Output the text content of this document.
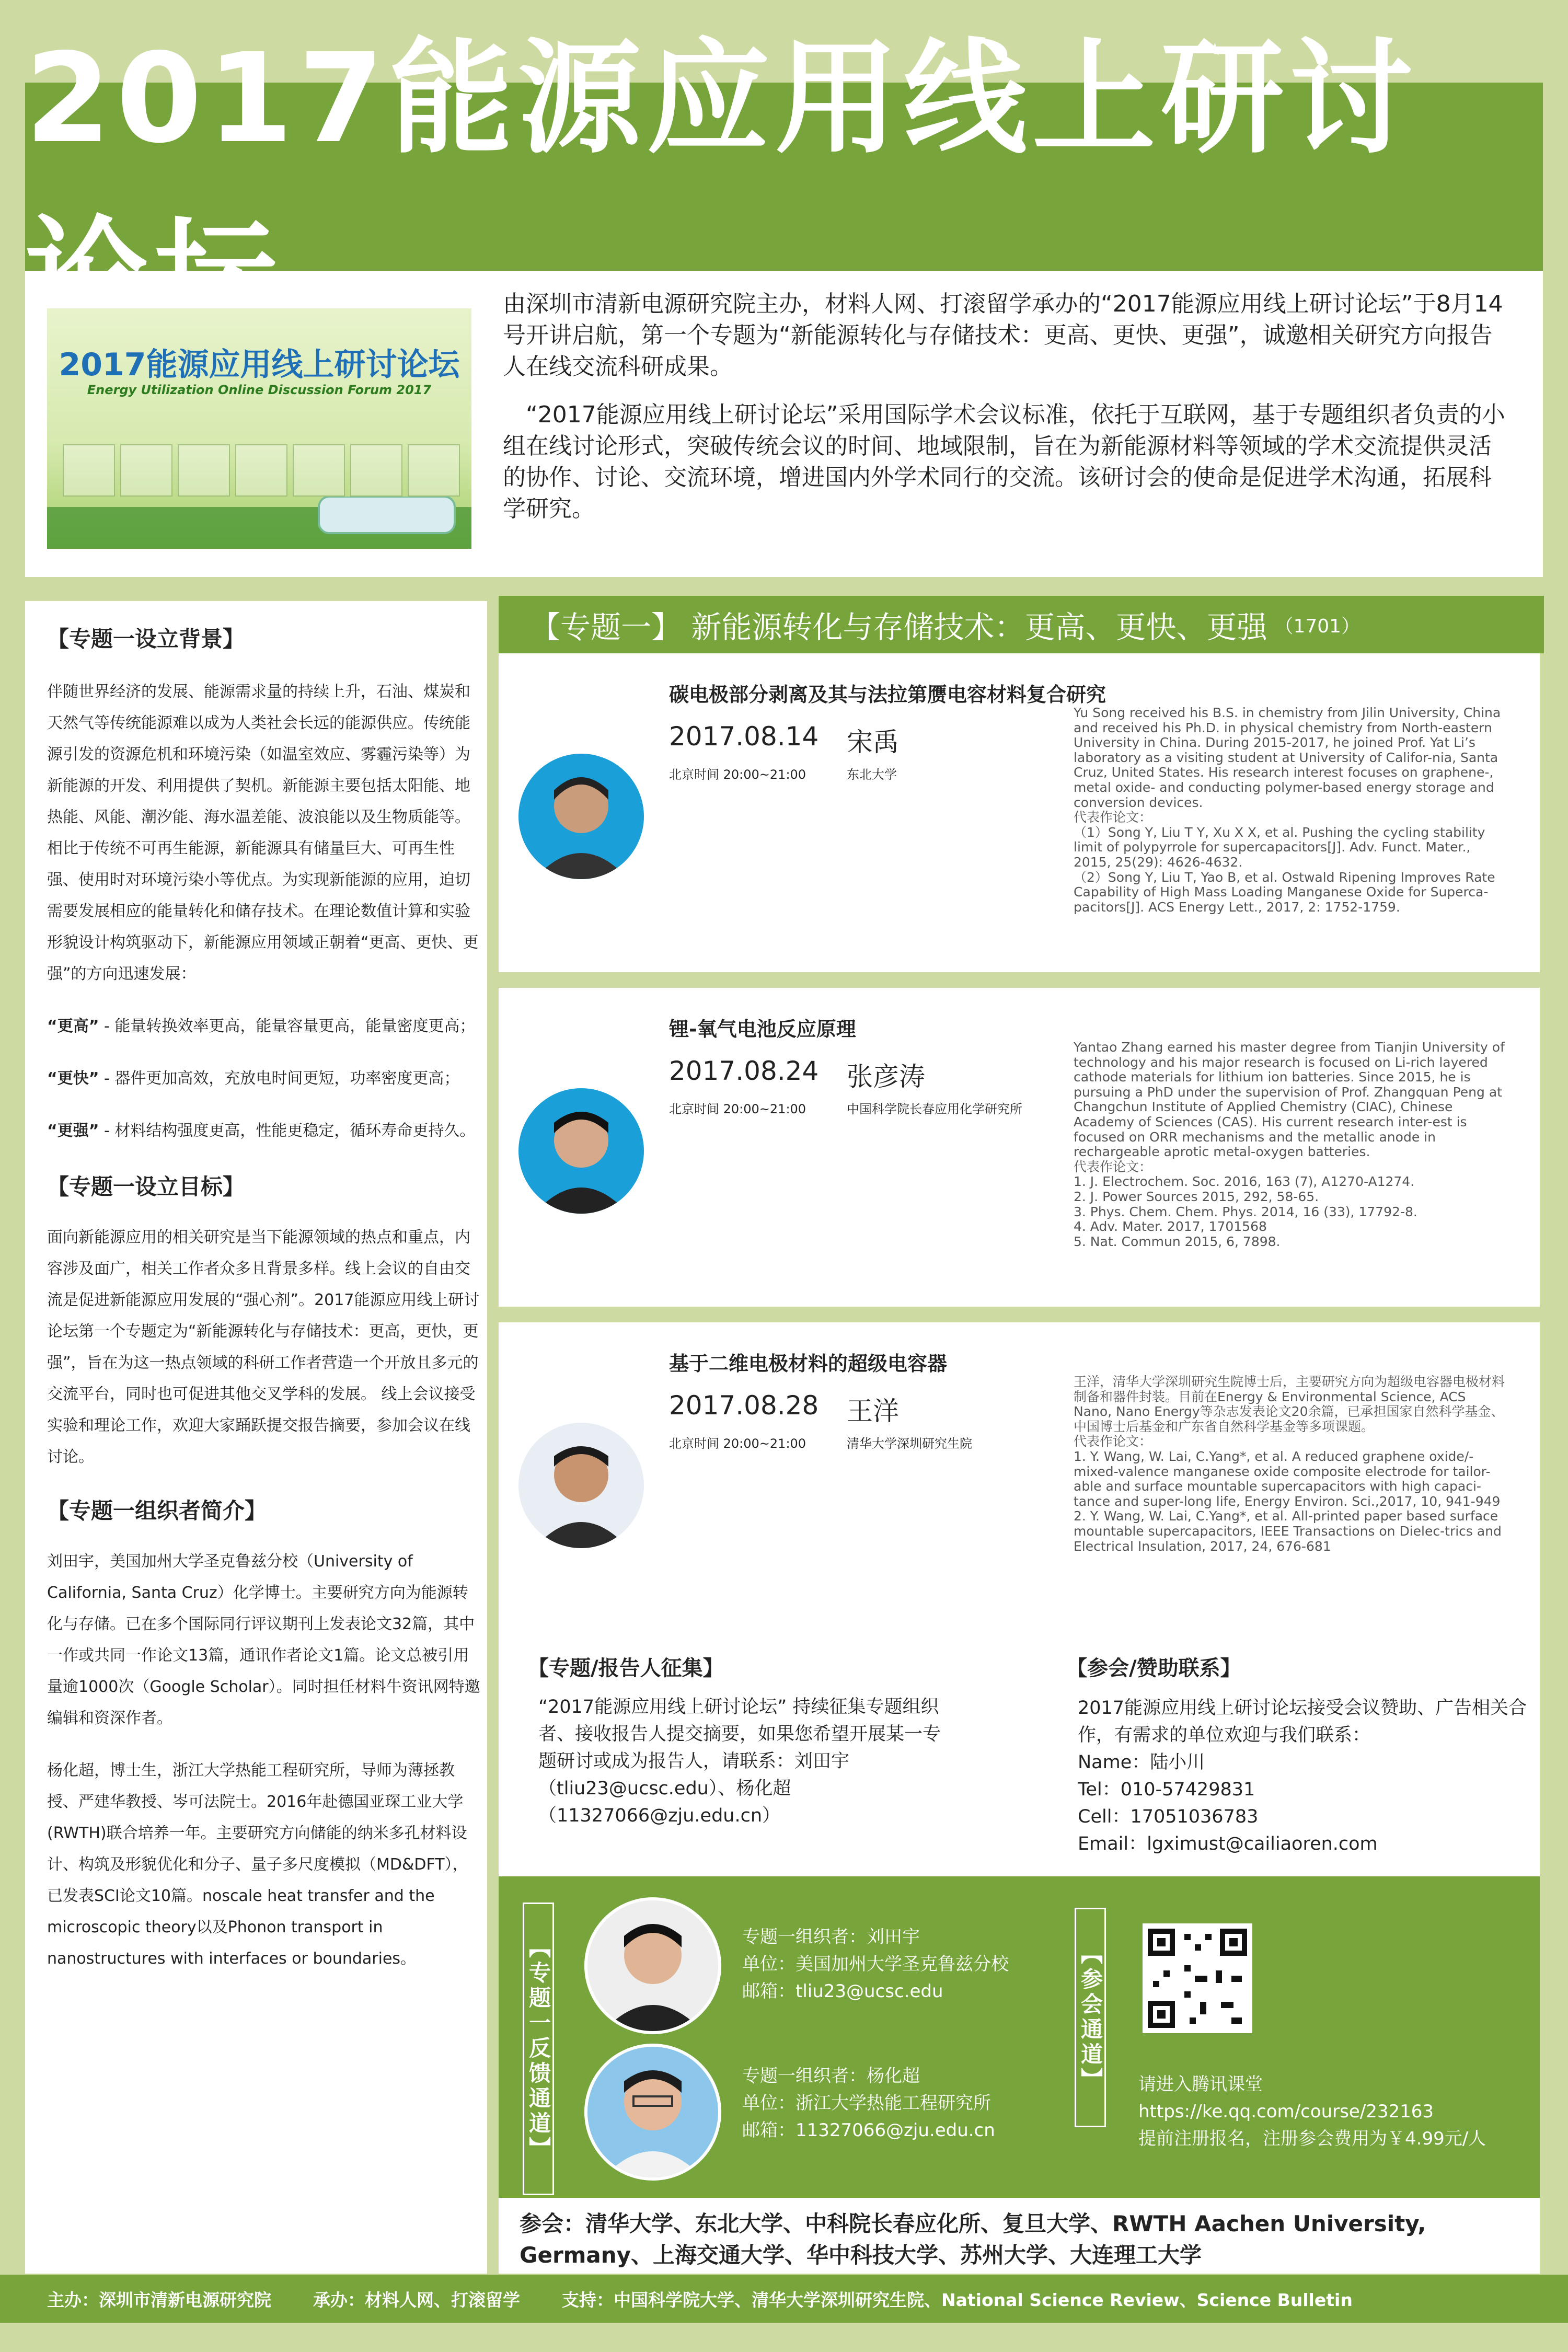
2017能源应用线上研讨
2017能源应用线上研讨论坛
Energy Utilization Online Discussion Forum 2017

由深圳市清新电源研究院主办，材料人网、打滚留学承办的“2017能源应用线上研讨论坛”于8月14号开讲启航，第一个专题为“新能源转化与存储技术：更高、更快、更强”，诚邀相关研究方向报告人在线交流科研成果。

“2017能源应用线上研讨论坛”采用国际学术会议标准，依托于互联网，基于专题组织者负责的小组在线讨论形式，突破传统会议的时间、地域限制，旨在为新能源材料等领域的学术交流提供灵活的协作、讨论、交流环境，增进国内外学术同行的交流。该研讨会的使命是促进学术沟通，拓展科学研究。

【专题一设立背景】

伴随世界经济的发展、能源需求量的持续上升，石油、煤炭和天然气等传统能源难以成为人类社会长远的能源供应。传统能源引发的资源危机和环境污染（如温室效应、雾霾污染等）为新能源的开发、利用提供了契机。新能源主要包括太阳能、地热能、风能、潮汐能、海水温差能、波浪能以及生物质能等。相比于传统不可再生能源，新能源具有储量巨大、可再生性强、使用时对环境污染小等优点。为实现新能源的应用，迫切需要发展相应的能量转化和储存技术。在理论数值计算和实验形貌设计构筑驱动下，新能源应用领域正朝着“更高、更快、更强”的方向迅速发展：

“更高” - 能量转换效率更高，能量容量更高，能量密度更高；

“更快” - 器件更加高效，充放电时间更短，功率密度更高；

“更强” - 材料结构强度更高，性能更稳定，循环寿命更持久。

【专题一设立目标】

面向新能源应用的相关研究是当下能源领域的热点和重点，内容涉及面广，相关工作者众多且背景多样。线上会议的自由交流是促进新能源应用发展的“强心剂”。2017能源应用线上研讨论坛第一个专题定为“新能源转化与存储技术：更高，更快，更强”，旨在为这一热点领域的科研工作者营造一个开放且多元的交流平台，同时也可促进其他交叉学科的发展。 线上会议接受实验和理论工作，欢迎大家踊跃提交报告摘要，参加会议在线讨论。

【专题一组织者简介】

刘田宇，美国加州大学圣克鲁兹分校（University of California, Santa Cruz）化学博士。主要研究方向为能源转化与存储。已在多个国际同行评议期刊上发表论文32篇，其中一作或共同一作论文13篇，通讯作者论文1篇。论文总被引用量逾1000次（Google Scholar）。同时担任材料牛资讯网特邀编辑和资深作者。

杨化超，博士生，浙江大学热能工程研究所，导师为薄拯教授、严建华教授、岑可法院士。2016年赴德国亚琛工业大学(RWTH)联合培养一年。主要研究方向储能的纳米多孔材料设计、构筑及形貌优化和分子、量子多尺度模拟（MD&DFT），已发表SCI论文10篇。noscale heat transfer and the microscopic theory以及Phonon transport in nanostructures with interfaces or boundaries。

【专题一】 新能源转化与存储技术：更高、更快、更强 （1701）
碳电极部分剥离及其与法拉第赝电容材料复合研究
2017.08.14 宋禹
北京时间 20:00~21:00	东北大学
Yu Song received his B.S. in chemistry from Jilin University, China and received his Ph.D. in physical chemistry from North-eastern University in China. During 2015-2017, he joined Prof. Yat Li’s laboratory as a visiting student at University of Califor-nia, Santa Cruz, United States. His research interest focuses on graphene-, metal oxide- and conducting polymer-based energy storage and conversion devices.
代表作论文：
（1）Song Y, Liu T Y, Xu X X, et al. Pushing the cycling stability limit of polypyrrole for supercapacitors[J]. Adv. Funct. Mater., 2015, 25(29): 4626-4632.
（2）Song Y, Liu T, Yao B, et al. Ostwald Ripening Improves Rate Capability of High Mass Loading Manganese Oxide for Superca-pacitors[J]. ACS Energy Lett., 2017, 2: 1752-1759.
锂-氧气电池反应原理
2017.08.24 张彦涛
北京时间 20:00~21:00	中国科学院长春应用化学研究所
Yantao Zhang earned his master degree from Tianjin University of technology and his major research is focused on Li-rich layered cathode materials for lithium ion batteries. Since 2015, he is pursuing a PhD under the supervision of Prof. Zhangquan Peng at Changchun Institute of Applied Chemistry (CIAC), Chinese Academy of Sciences (CAS). His current research inter-est is focused on ORR mechanisms and the metallic anode in rechargeable aprotic metal-oxygen batteries.
代表作论文：
1. J. Electrochem. Soc. 2016, 163 (7), A1270-A1274.
2. J. Power Sources 2015, 292, 58-65.
3. Phys. Chem. Chem. Phys. 2014, 16 (33), 17792-8.
4. Adv. Mater. 2017, 1701568
5. Nat. Commun 2015, 6, 7898.
基于二维电极材料的超级电容器
2017.08.28 王洋
北京时间 20:00~21:00	清华大学深圳研究生院
王洋，清华大学深圳研究生院博士后，主要研究方向为超级电容器电极材料制备和器件封装。目前在Energy & Environmental Science, ACS Nano, Nano Energy等杂志发表论文20余篇，已承担国家自然科学基金、中国博士后基金和广东省自然科学基金等多项课题。
代表作论文：
1. Y. Wang, W. Lai, C.Yang*, et al. A reduced graphene oxide/-mixed-valence manganese oxide composite electrode for tailor-able and surface mountable supercapacitors with high capaci-tance and super-long life, Energy Environ. Sci.,2017, 10, 941-949
2. Y. Wang, W. Lai, C.Yang*, et al. All-printed paper based surface mountable supercapacitors, IEEE Transactions on Dielec-trics and Electrical Insulation, 2017, 24, 676-681
【专题/报告人征集】
“2017能源应用线上研讨论坛” 持续征集专题组织者、接收报告人提交摘要，如果您希望开展某一专题研讨或成为报告人，请联系：刘田宇（tliu23@ucsc.edu）、杨化超（11327066@zju.edu.cn）
【参会/赞助联系】
2017能源应用线上研讨论坛接受会议赞助、广告相关合作，有需求的单位欢迎与我们联系：
Name：陆小川
Tel：010-57429831
Cell：17051036783
Email：lgximust@cailiaoren.com
【专题一反馈通道】	专题一组织者：刘田宇
单位：美国加州大学圣克鲁兹分校
邮箱：tliu23@ucsc.edu
专题一组织者：杨化超
单位：浙江大学热能工程研究所
邮箱：11327066@zju.edu.cn
【参会通道】 请进入腾讯课堂
https://ke.qq.com/course/232163
提前注册报名，注册参会费用为￥4.99元/人
参会：清华大学、东北大学、中科院长春应化所、复旦大学、RWTH Aachen University, Germany、上海交通大学、华中科技大学、苏州大学、大连理工大学
主办：深圳市清新电源研究院 承办：材料人网、打滚留学 支持：中国科学院大学、清华大学深圳研究生院、National Science Review、Science Bulletin
